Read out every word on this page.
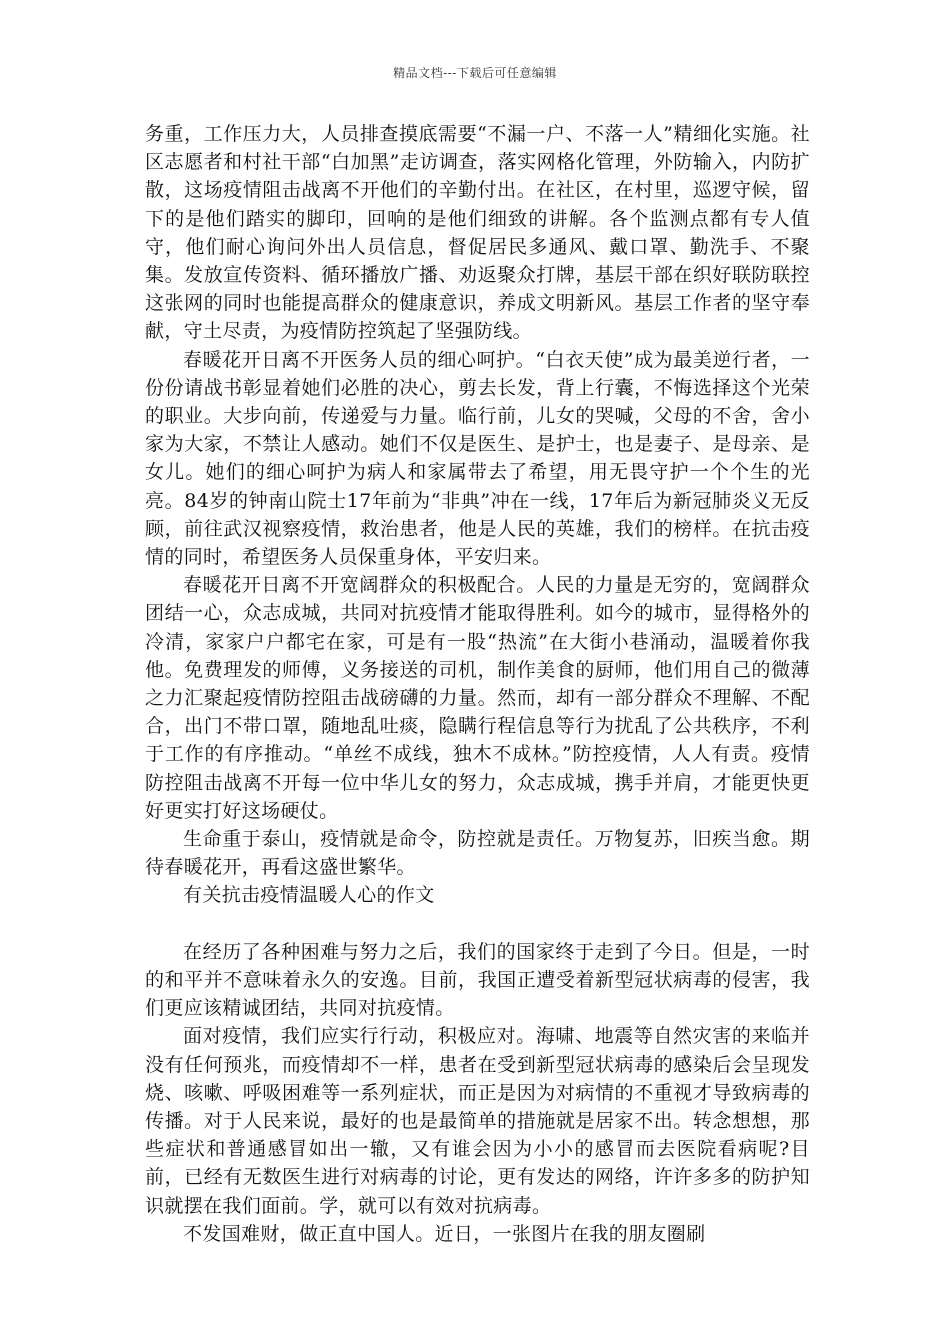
精品文档---下载后可任意编辑

务重，工作压力大，人员排查摸底需要“不漏一户、不落一人”精细化实施。社区志愿者和村社干部“白加黑”走访调查，落实网格化管理，外防输入，内防扩散，这场疫情阻击战离不开他们的辛勤付出。在社区，在村里，巡逻守候，留下的是他们踏实的脚印，回响的是他们细致的讲解。各个监测点都有专人值守，他们耐心询问外出人员信息，督促居民多通风、戴口罩、勤洗手、不聚集。发放宣传资料、循环播放广播、劝返聚众打牌，基层干部在织好联防联控这张网的同时也能提高群众的健康意识，养成文明新风。基层工作者的坚守奉献，守土尽责，为疫情防控筑起了坚强防线。

春暖花开日离不开医务人员的细心呵护。“白衣天使”成为最美逆行者，一份份请战书彰显着她们必胜的决心，剪去长发，背上行囊，不悔选择这个光荣的职业。大步向前，传递爱与力量。临行前，儿女的哭喊，父母的不舍，舍小家为大家，不禁让人感动。她们不仅是医生、是护士，也是妻子、是母亲、是女儿。她们的细心呵护为病人和家属带去了希望，用无畏守护一个个生的光亮。84岁的钟南山院士17年前为“非典”冲在一线，17年后为新冠肺炎义无反顾，前往武汉视察疫情，救治患者，他是人民的英雄，我们的榜样。在抗击疫情的同时，希望医务人员保重身体，平安归来。

春暖花开日离不开宽阔群众的积极配合。人民的力量是无穷的，宽阔群众团结一心，众志成城，共同对抗疫情才能取得胜利。如今的城市，显得格外的冷清，家家户户都宅在家，可是有一股“热流”在大街小巷涌动，温暖着你我他。免费理发的师傅，义务接送的司机，制作美食的厨师，他们用自己的微薄之力汇聚起疫情防控阻击战磅礴的力量。然而，却有一部分群众不理解、不配合，出门不带口罩，随地乱吐痰，隐瞒行程信息等行为扰乱了公共秩序，不利于工作的有序推动。“单丝不成线，独木不成林。”防控疫情，人人有责。疫情防控阻击战离不开每一位中华儿女的努力，众志成城，携手并肩，才能更快更好更实打好这场硬仗。

生命重于泰山，疫情就是命令，防控就是责任。万物复苏，旧疾当愈。期待春暖花开，再看这盛世繁华。

有关抗击疫情温暖人心的作文

在经历了各种困难与努力之后，我们的国家终于走到了今日。但是，一时的和平并不意味着永久的安逸。目前，我国正遭受着新型冠状病毒的侵害，我们更应该精诚团结，共同对抗疫情。

面对疫情，我们应实行行动，积极应对。海啸、地震等自然灾害的来临并没有任何预兆，而疫情却不一样，患者在受到新型冠状病毒的感染后会呈现发烧、咳嗽、呼吸困难等一系列症状，而正是因为对病情的不重视才导致病毒的传播。对于人民来说，最好的也是最简单的措施就是居家不出。转念想想，那些症状和普通感冒如出一辙，又有谁会因为小小的感冒而去医院看病呢?目前，已经有无数医生进行对病毒的讨论，更有发达的网络，许许多多的防护知识就摆在我们面前。学，就可以有效对抗病毒。

不发国难财，做正直中国人。近日，一张图片在我的朋友圈刷
